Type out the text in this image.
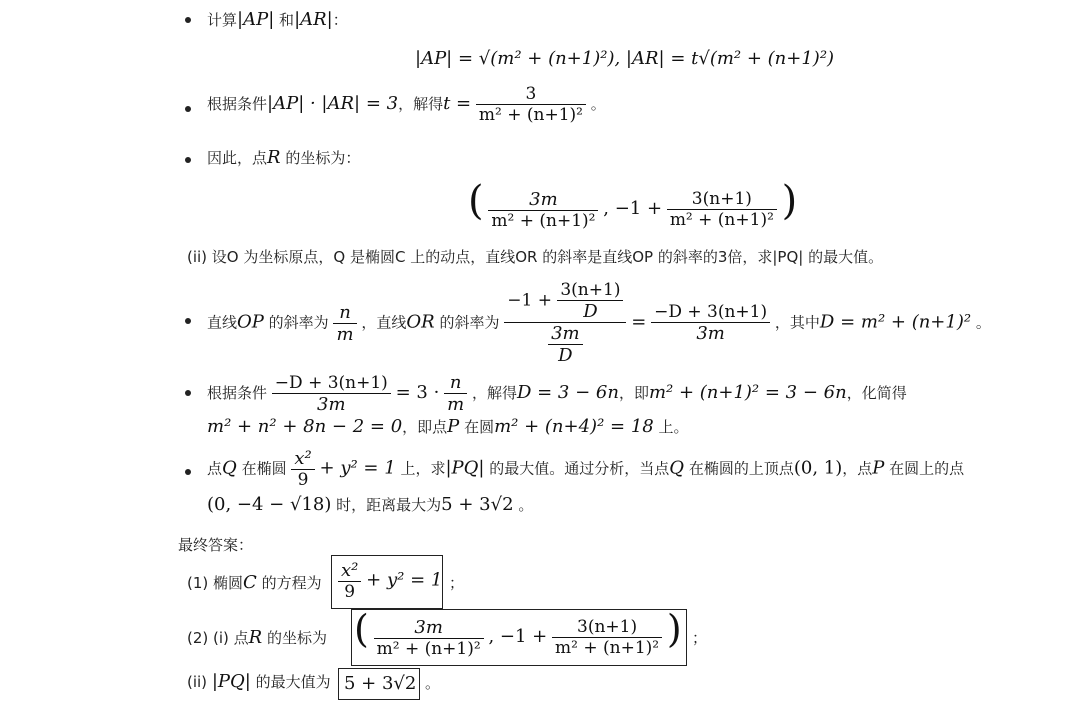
计算|AP| 和|AR|：
|AP| = √(m² + (n+1)²), |AR| = t√(m² + (n+1)²)
根据条件|AP| · |AR| = 3，解得$t = \frac{3}{\text{m² + (n+1)²}}$ 。
因此，点R 的坐标为：
( $\frac{3m}{\text{m² + (n+1)²}}$ , $-1 + \frac{3(n+1)}{\text{m² + (n+1)²}}$ )
(ii) 设O 为坐标原点，Q 是椭圆C 上的动点，直线OR 的斜率是直线OP 的斜率的3倍，求|PQ| 的最大值。
直线OP 的斜率为 $\frac{n}{m}$ ，直线OR 的斜率为 $\frac{-1 + \frac{3(n+1)}{D}}{\frac{3m}{D}} = \frac{-D + 3(n+1)}{3m}$ ，其中D = m² + (n+1)² 。
根据条件 $\frac{-D + 3(n+1)}{3m} = 3 \cdot \frac{n}{m}$ ，解得D = 3 − 6n，即m² + (n+1)² = 3 − 6n，化简得
m² + n² + 8n − 2 = 0，即点P 在圆m² + (n+4)² = 18 上。
点Q 在椭圆 $\frac{\text{x²}}{9} + y^2 = 1$ 上，求|PQ| 的最大值。通过分析，当点Q 在椭圆的上顶点(0, 1)，点P 在圆上的点
(0, −4 − √18) 时，距离最大为5 + 3√2 。
最终答案：
(1) 椭圆C 的方程为 $\frac{\text{x²}}{9} + y^2 = 1$ ；
(2) (i) 点R 的坐标为 ( $\frac{3m}{\text{m² + (n+1)²}}$ , $-1 + \frac{3(n+1)}{\text{m² + (n+1)²}}$ ) ；
(ii) |PQ| 的最大值为 5 + 3√2 。
